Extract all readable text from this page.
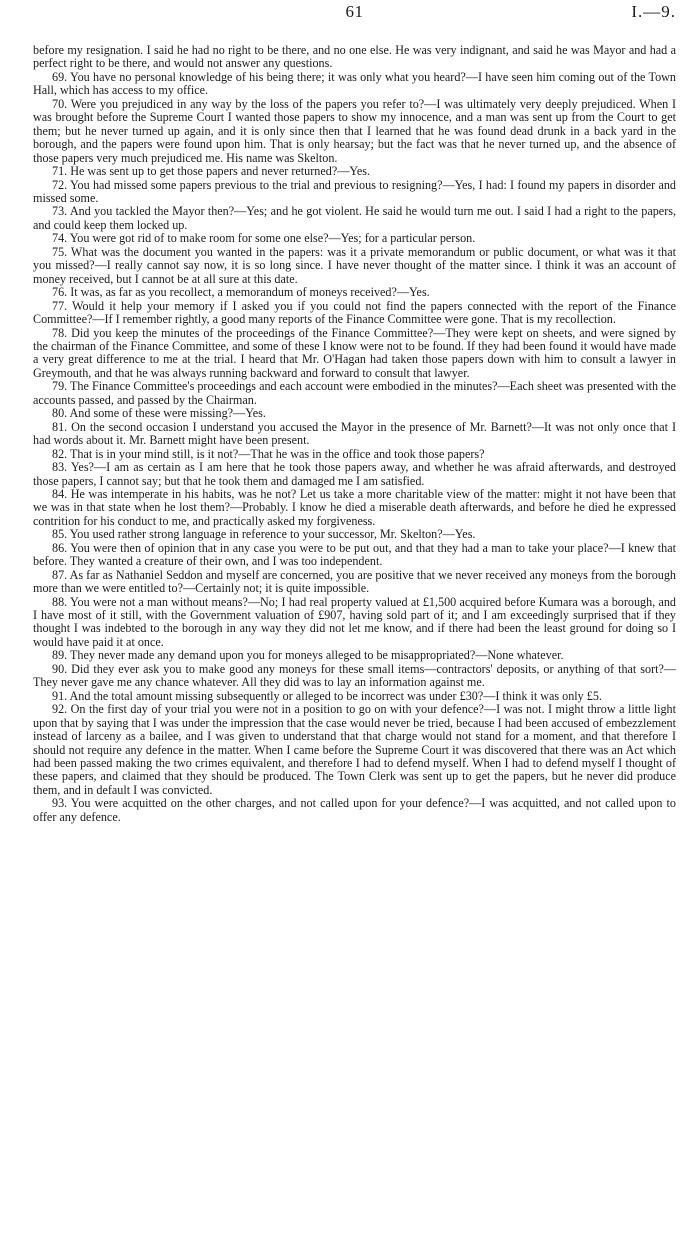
61	I.—9.

before my resignation. I said he had no right to be there, and no one else. He was very indignant, and said he was Mayor and had a perfect right to be there, and would not answer any questions.

69. You have no personal knowledge of his being there; it was only what you heard?—I have seen him coming out of the Town Hall, which has access to my office.

70. Were you prejudiced in any way by the loss of the papers you refer to?—I was ultimately very deeply prejudiced. When I was brought before the Supreme Court I wanted those papers to show my innocence, and a man was sent up from the Court to get them; but he never turned up again, and it is only since then that I learned that he was found dead drunk in a back yard in the borough, and the papers were found upon him. That is only hearsay; but the fact was that he never turned up, and the absence of those papers very much prejudiced me. His name was Skelton.

71. He was sent up to get those papers and never returned?—Yes.

72. You had missed some papers previous to the trial and previous to resigning?—Yes, I had: I found my papers in disorder and missed some.

73. And you tackled the Mayor then?—Yes; and he got violent. He said he would turn me out. I said I had a right to the papers, and could keep them locked up.

74. You were got rid of to make room for some one else?—Yes; for a particular person.

75. What was the document you wanted in the papers: was it a private memorandum or public document, or what was it that you missed?—I really cannot say now, it is so long since. I have never thought of the matter since. I think it was an account of money received, but I cannot be at all sure at this date.

76. It was, as far as you recollect, a memorandum of moneys received?—Yes.

77. Would it help your memory if I asked you if you could not find the papers connected with the report of the Finance Committee?—If I remember rightly, a good many reports of the Finance Committee were gone. That is my recollection.

78. Did you keep the minutes of the proceedings of the Finance Committee?—They were kept on sheets, and were signed by the chairman of the Finance Committee, and some of these I know were not to be found. If they had been found it would have made a very great difference to me at the trial. I heard that Mr. O'Hagan had taken those papers down with him to consult a lawyer in Greymouth, and that he was always running backward and forward to consult that lawyer.

79. The Finance Committee's proceedings and each account were embodied in the minutes?—Each sheet was presented with the accounts passed, and passed by the Chairman.

80. And some of these were missing?—Yes.

81. On the second occasion I understand you accused the Mayor in the presence of Mr. Barnett?—It was not only once that I had words about it. Mr. Barnett might have been present.

82. That is in your mind still, is it not?—That he was in the office and took those papers?

83. Yes?—I am as certain as I am here that he took those papers away, and whether he was afraid afterwards, and destroyed those papers, I cannot say; but that he took them and damaged me I am satisfied.

84. He was intemperate in his habits, was he not? Let us take a more charitable view of the matter: might it not have been that we was in that state when he lost them?—Probably. I know he died a miserable death afterwards, and before he died he expressed contrition for his conduct to me, and practically asked my forgiveness.

85. You used rather strong language in reference to your successor, Mr. Skelton?—Yes.

86. You were then of opinion that in any case you were to be put out, and that they had a man to take your place?—I knew that before. They wanted a creature of their own, and I was too independent.

87. As far as Nathaniel Seddon and myself are concerned, you are positive that we never received any moneys from the borough more than we were entitled to?—Certainly not; it is quite impossible.

88. You were not a man without means?—No; I had real property valued at £1,500 acquired before Kumara was a borough, and I have most of it still, with the Government valuation of £907, having sold part of it; and I am exceedingly surprised that if they thought I was indebted to the borough in any way they did not let me know, and if there had been the least ground for doing so I would have paid it at once.

89. They never made any demand upon you for moneys alleged to be misappropriated?—None whatever.

90. Did they ever ask you to make good any moneys for these small items—contractors' deposits, or anything of that sort?—They never gave me any chance whatever. All they did was to lay an information against me.

91. And the total amount missing subsequently or alleged to be incorrect was under £30?—I think it was only £5.

92. On the first day of your trial you were not in a position to go on with your defence?—I was not. I might throw a little light upon that by saying that I was under the impression that the case would never be tried, because I had been accused of embezzlement instead of larceny as a bailee, and I was given to understand that that charge would not stand for a moment, and that therefore I should not require any defence in the matter. When I came before the Supreme Court it was discovered that there was an Act which had been passed making the two crimes equivalent, and therefore I had to defend myself. When I had to defend myself I thought of these papers, and claimed that they should be produced. The Town Clerk was sent up to get the papers, but he never did produce them, and in default I was convicted.

93. You were acquitted on the other charges, and not called upon for your defence?—I was acquitted, and not called upon to offer any defence.
